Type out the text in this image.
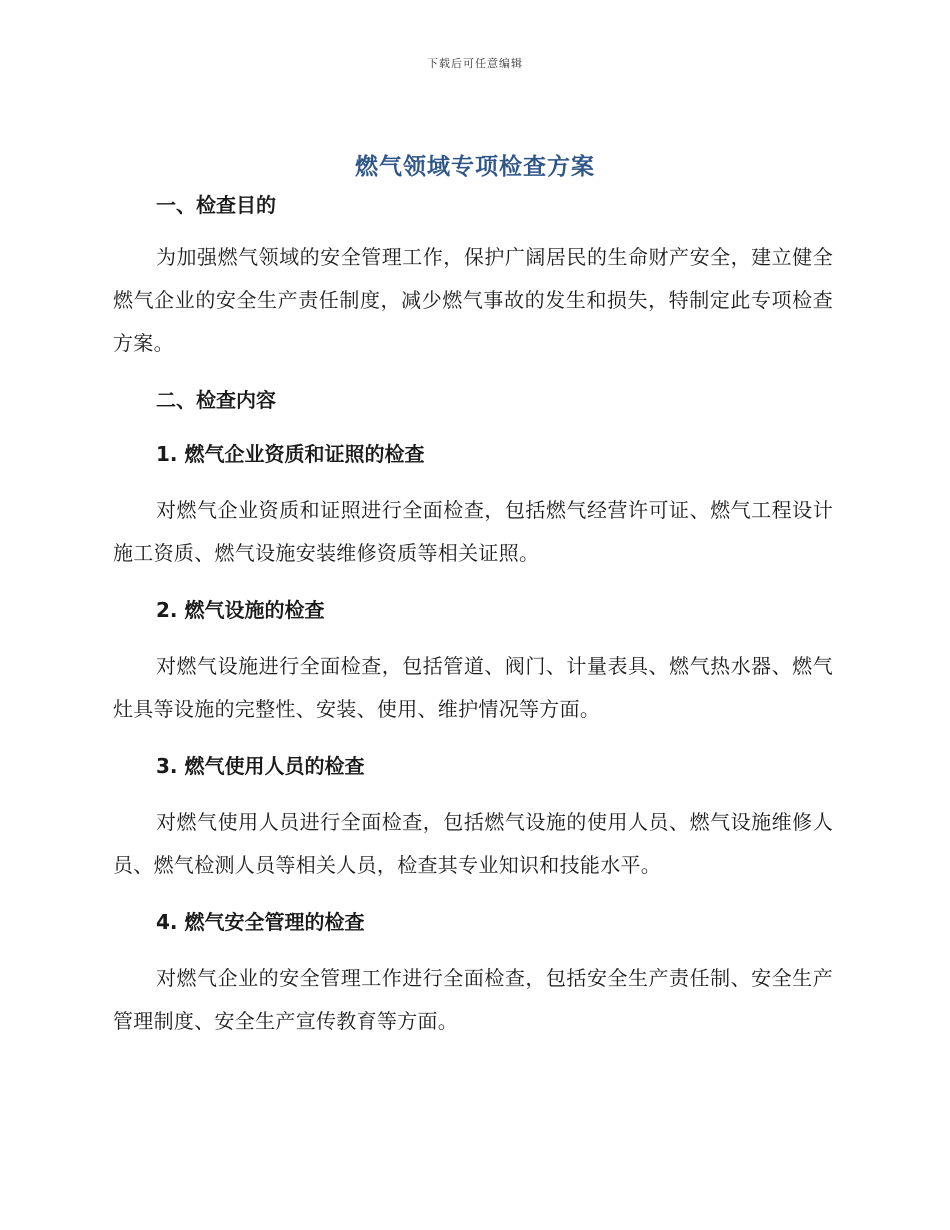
下载后可任意编辑
燃气领域专项检查方案
一、检查目的

为加强燃气领域的安全管理工作，保护广阔居民的生命财产安全，建立健全燃气企业的安全生产责任制度，减少燃气事故的发生和损失，特制定此专项检查方案。

二、检查内容
1. 燃气企业资质和证照的检查

对燃气企业资质和证照进行全面检查，包括燃气经营许可证、燃气工程设计施工资质、燃气设施安装维修资质等相关证照。

2. 燃气设施的检查

对燃气设施进行全面检查，包括管道、阀门、计量表具、燃气热水器、燃气灶具等设施的完整性、安装、使用、维护情况等方面。

3. 燃气使用人员的检查

对燃气使用人员进行全面检查，包括燃气设施的使用人员、燃气设施维修人员、燃气检测人员等相关人员，检查其专业知识和技能水平。

4. 燃气安全管理的检查

对燃气企业的安全管理工作进行全面检查，包括安全生产责任制、安全生产管理制度、安全生产宣传教育等方面。
